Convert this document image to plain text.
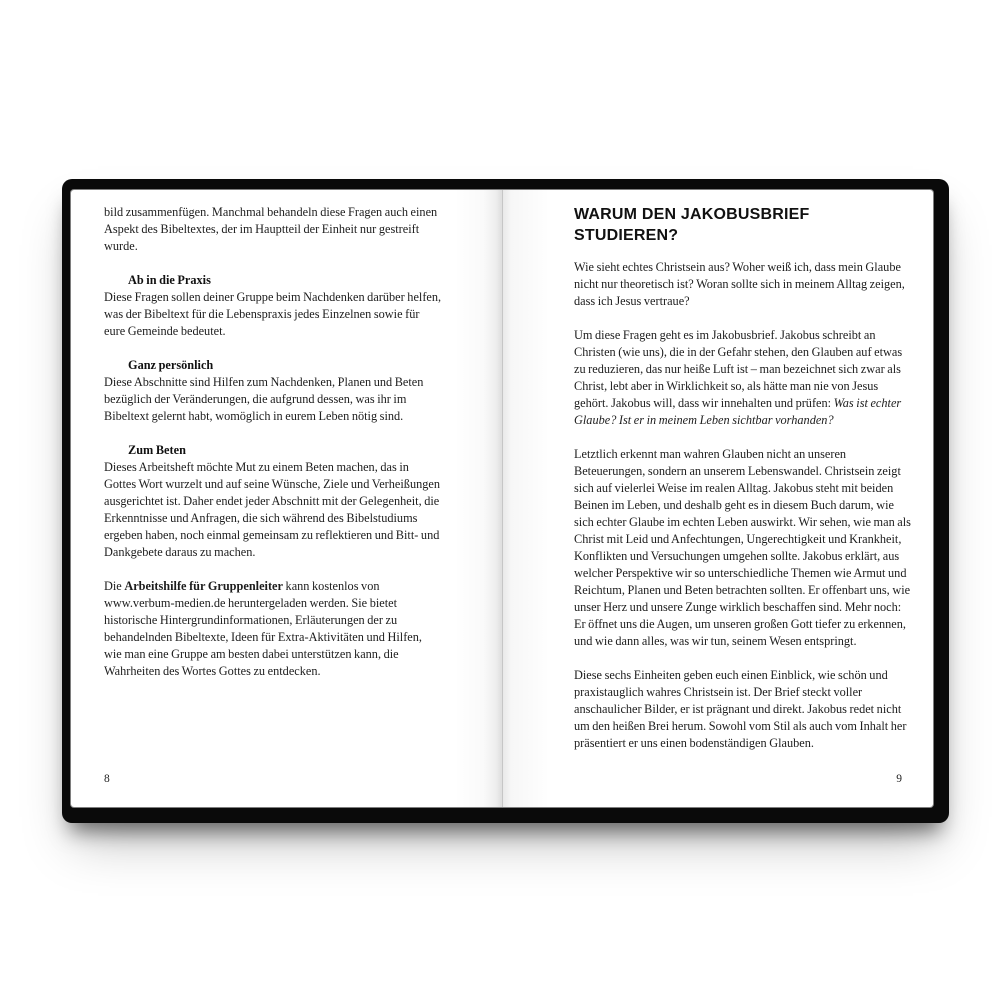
bild zusammenfügen. Manchmal behandeln diese Fragen auch einen Aspekt des Bibeltextes, der im Hauptteil der Einheit nur gestreift wurde.

Ab in die Praxis

Diese Fragen sollen deiner Gruppe beim Nachdenken darüber helfen, was der Bibeltext für die Lebenspraxis jedes Einzelnen sowie für eure Gemeinde bedeutet.

Ganz persönlich

Diese Abschnitte sind Hilfen zum Nachdenken, Planen und Beten bezüglich der Veränderungen, die aufgrund dessen, was ihr im Bibeltext gelernt habt, womöglich in eurem Leben nötig sind.

Zum Beten

Dieses Arbeitsheft möchte Mut zu einem Beten machen, das in Gottes Wort wurzelt und auf seine Wünsche, Ziele und Verheißungen ausgerichtet ist. Daher endet jeder Abschnitt mit der Gelegenheit, die Erkenntnisse und Anfragen, die sich während des Bibelstudiums ergeben haben, noch einmal gemeinsam zu reflektieren und Bitt- und Dankgebete daraus zu machen.

Die Arbeitshilfe für Gruppenleiter kann kostenlos von www.verbum-medien.de heruntergeladen werden. Sie bietet historische Hintergrundinformationen, Erläuterungen der zu behandelnden Bibeltexte, Ideen für Extra-Aktivitäten und Hilfen, wie man eine Gruppe am besten dabei unterstützen kann, die Wahrheiten des Wortes Gottes zu entdecken.

8
WARUM DEN JAKOBUSBRIEF STUDIEREN?

Wie sieht echtes Christsein aus? Woher weiß ich, dass mein Glaube nicht nur theoretisch ist? Woran sollte sich in meinem Alltag zeigen, dass ich Jesus vertraue?

Um diese Fragen geht es im Jakobusbrief. Jakobus schreibt an Christen (wie uns), die in der Gefahr stehen, den Glauben auf etwas zu reduzieren, das nur heiße Luft ist – man bezeichnet sich zwar als Christ, lebt aber in Wirklichkeit so, als hätte man nie von Jesus gehört. Jakobus will, dass wir innehalten und prüfen: Was ist echter Glaube? Ist er in meinem Leben sichtbar vorhanden?

Letztlich erkennt man wahren Glauben nicht an unseren Beteuerungen, sondern an unserem Lebenswandel. Christsein zeigt sich auf vielerlei Weise im realen Alltag. Jakobus steht mit beiden Beinen im Leben, und deshalb geht es in diesem Buch darum, wie sich echter Glaube im echten Leben auswirkt. Wir sehen, wie man als Christ mit Leid und Anfechtungen, Ungerechtigkeit und Krankheit, Konflikten und Versuchungen umgehen sollte. Jakobus erklärt, aus welcher Perspektive wir so unterschiedliche Themen wie Armut und Reichtum, Planen und Beten betrachten sollten. Er offenbart uns, wie unser Herz und unsere Zunge wirklich beschaffen sind. Mehr noch: Er öffnet uns die Augen, um unseren großen Gott tiefer zu erkennen, und wie dann alles, was wir tun, seinem Wesen entspringt.

Diese sechs Einheiten geben euch einen Einblick, wie schön und praxistauglich wahres Christsein ist. Der Brief steckt voller anschaulicher Bilder, er ist prägnant und direkt. Jakobus redet nicht um den heißen Brei herum. Sowohl vom Stil als auch vom Inhalt her präsentiert er uns einen bodenständigen Glauben.

9
